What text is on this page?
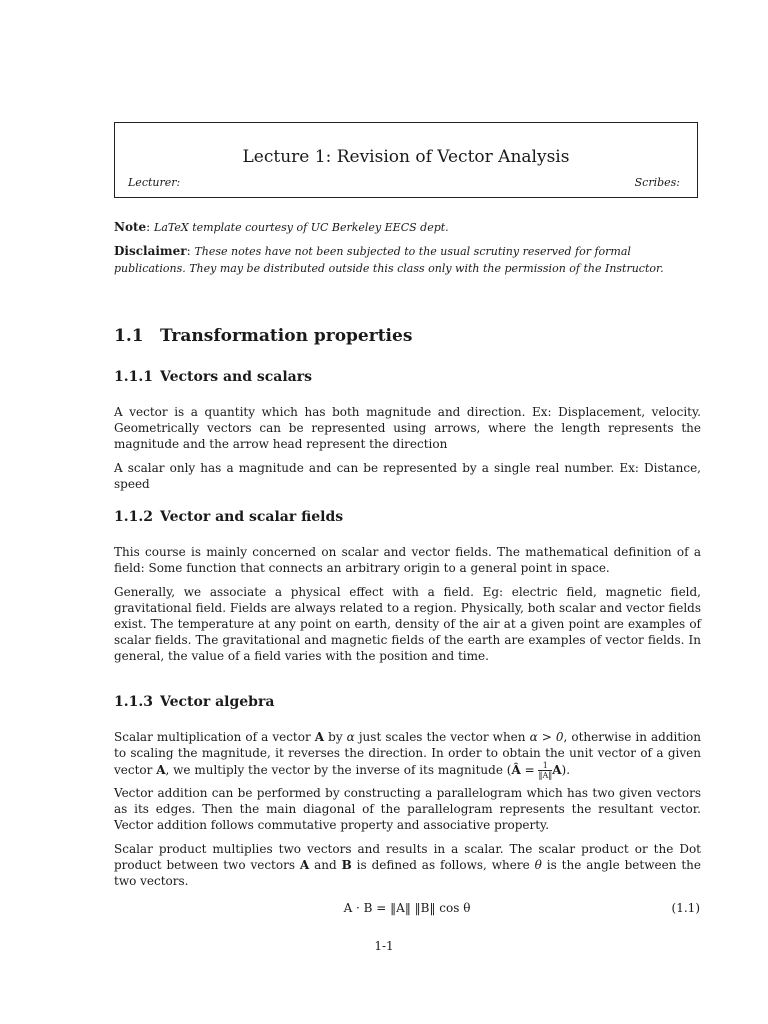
Lecture 1: Revision of Vector Analysis
Lecturer:	Scribes:
Note: LaTeX template courtesy of UC Berkeley EECS dept.
Disclaimer: These notes have not been subjected to the usual scrutiny reserved for formal publications. They may be distributed outside this class only with the permission of the Instructor.
1.1 Transformation properties
1.1.1 Vectors and scalars

A vector is a quantity which has both magnitude and direction. Ex: Displacement, velocity. Geometrically vectors can be represented using arrows, where the length represents the magnitude and the arrow head represent the direction

A scalar only has a magnitude and can be represented by a single real number. Ex: Distance, speed

1.1.2 Vector and scalar fields

This course is mainly concerned on scalar and vector fields. The mathematical definition of a field: Some function that connects an arbitrary origin to a general point in space.

Generally, we associate a physical effect with a field. Eg: electric field, magnetic field, gravitational field. Fields are always related to a region. Physically, both scalar and vector fields exist. The temperature at any point on earth, density of the air at a given point are examples of scalar fields. The gravitational and magnetic fields of the earth are examples of vector fields. In general, the value of a field varies with the position and time.

1.1.3 Vector algebra

Scalar multiplication of a vector A by α just scales the vector when α > 0, otherwise in addition to scaling the magnitude, it reverses the direction. In order to obtain the unit vector of a given vector A, we multiply the vector by the inverse of its magnitude (Â = $\frac{1}{‖A‖} A$).

Vector addition can be performed by constructing a parallelogram which has two given vectors as its edges. Then the main diagonal of the parallelogram represents the resultant vector. Vector addition follows commutative property and associative property.

Scalar product multiplies two vectors and results in a scalar. The scalar product or the Dot product between two vectors A and B is defined as follows, where θ is the angle between the two vectors.

A · B = ‖A‖ ‖B‖ cos θ	(1.1)
1-1
